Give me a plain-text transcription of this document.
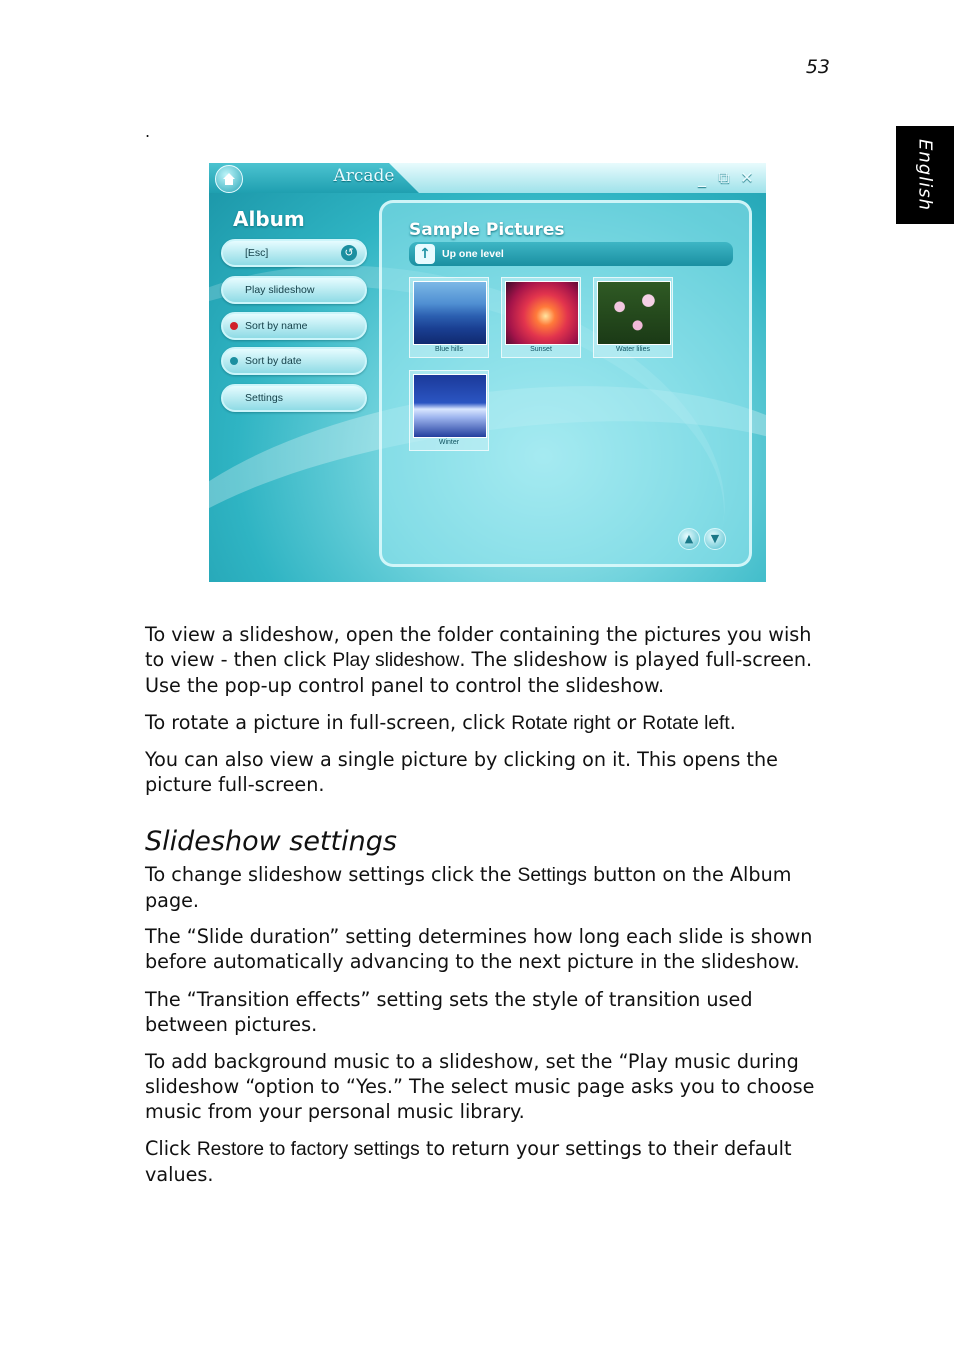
53
English
.
Arcade	_ ⧉ ✕
Album
[Esc]	↺
Play slideshow
Sort by name
Sort by date
Settings
Sample Pictures
↑	Up one level
Blue hills	Sunset	Water lilies
Winter
▲	▼

To view a slideshow, open the folder containing the pictures you wish to view - then click Play slideshow. The slideshow is played full-screen. Use the pop-up control panel to control the slideshow.

To rotate a picture in full-screen, click Rotate right or Rotate left.

You can also view a single picture by clicking on it. This opens the picture full-screen.

Slideshow settings

To change slideshow settings click the Settings button on the Album page.

The “Slide duration” setting determines how long each slide is shown before automatically advancing to the next picture in the slideshow.

The “Transition effects” setting sets the style of transition used between pictures.

To add background music to a slideshow, set the “Play music during slideshow “option to “Yes.” The select music page asks you to choose music from your personal music library.

Click Restore to factory settings to return your settings to their default values.
